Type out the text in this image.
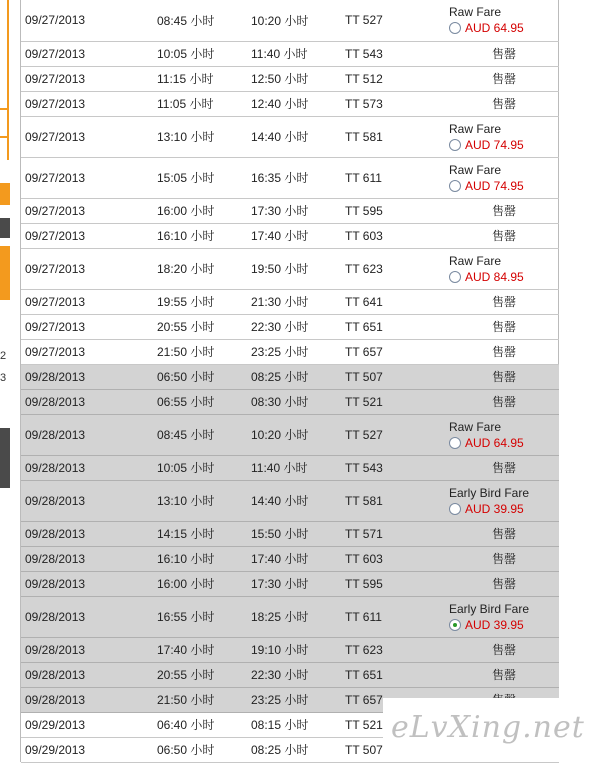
2
3
09/27/2013	08:45 小时	10:20 小时	TT 527	Raw Fare
AUD 64.95

09/27/2013	10:05 小时	11:40 小时	TT 543	售罄

09/27/2013	11:15 小时	12:50 小时	TT 512	售罄

09/27/2013	11:05 小时	12:40 小时	TT 573	售罄

09/27/2013	13:10 小时	14:40 小时	TT 581	Raw Fare
AUD 74.95

09/27/2013	15:05 小时	16:35 小时	TT 611	Raw Fare
AUD 74.95

09/27/2013	16:00 小时	17:30 小时	TT 595	售罄

09/27/2013	16:10 小时	17:40 小时	TT 603	售罄

09/27/2013	18:20 小时	19:50 小时	TT 623	Raw Fare
AUD 84.95

09/27/2013	19:55 小时	21:30 小时	TT 641	售罄

09/27/2013	20:55 小时	22:30 小时	TT 651	售罄

09/27/2013	21:50 小时	23:25 小时	TT 657	售罄

09/28/2013	06:50 小时	08:25 小时	TT 507	售罄

09/28/2013	06:55 小时	08:30 小时	TT 521	售罄

09/28/2013	08:45 小时	10:20 小时	TT 527	Raw Fare
AUD 64.95

09/28/2013	10:05 小时	11:40 小时	TT 543	售罄

09/28/2013	13:10 小时	14:40 小时	TT 581	Early Bird Fare
AUD 39.95

09/28/2013	14:15 小时	15:50 小时	TT 571	售罄

09/28/2013	16:10 小时	17:40 小时	TT 603	售罄

09/28/2013	16:00 小时	17:30 小时	TT 595	售罄

09/28/2013	16:55 小时	18:25 小时	TT 611	Early Bird Fare
AUD 39.95

09/28/2013	17:40 小时	19:10 小时	TT 623	售罄

09/28/2013	20:55 小时	22:30 小时	TT 651	售罄

09/28/2013	21:50 小时	23:25 小时	TT 657	

09/29/2013	06:40 小时	08:15 小时	TT 521	

09/29/2013	06:50 小时	08:25 小时	TT 507	
eLvXing.net
